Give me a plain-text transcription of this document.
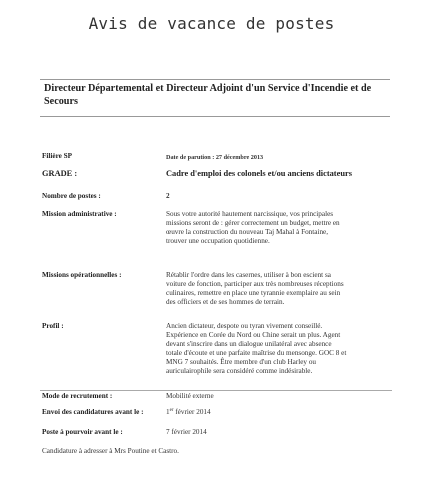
Avis de vacance de postes
Directeur Départemental et Directeur Adjoint d'un Service d'Incendie et de Secours
Filière SP	Date de parution : 27 décembre 2013
GRADE :	Cadre d'emploi des colonels et/ou anciens dictateurs
Nombre de postes :	2
Mission administrative :	Sous votre autorité hautement narcissique, vos principales
missions seront de : gérer correctement un budget, mettre en
œuvre la construction du nouveau Taj Mahal à Fontaine,
trouver une occupation quotidienne.
Missions opérationnelles :	Rétablir l'ordre dans les casernes, utiliser à bon escient sa
voiture de fonction, participer aux très nombreuses réceptions
culinaires, remettre en place une tyrannie exemplaire au sein
des officiers et de ses hommes de terrain.
Profil :	Ancien dictateur, despote ou tyran vivement conseillé.
Expérience en Corée du Nord ou Chine serait un plus. Agent
devant s'inscrire dans un dialogue unilatéral avec absence
totale d'écoute et une parfaite maîtrise du mensonge. GOC 8 et
MNG 7 souhaités. Être membre d'un club Harley ou
auriculairophile sera considéré comme indésirable.
Mode de recrutement :	Mobilité externe
Envoi des candidatures avant le :	1er février 2014
Poste à pourvoir avant le :	7 février 2014
Candidature à adresser à Mrs Poutine et Castro.
